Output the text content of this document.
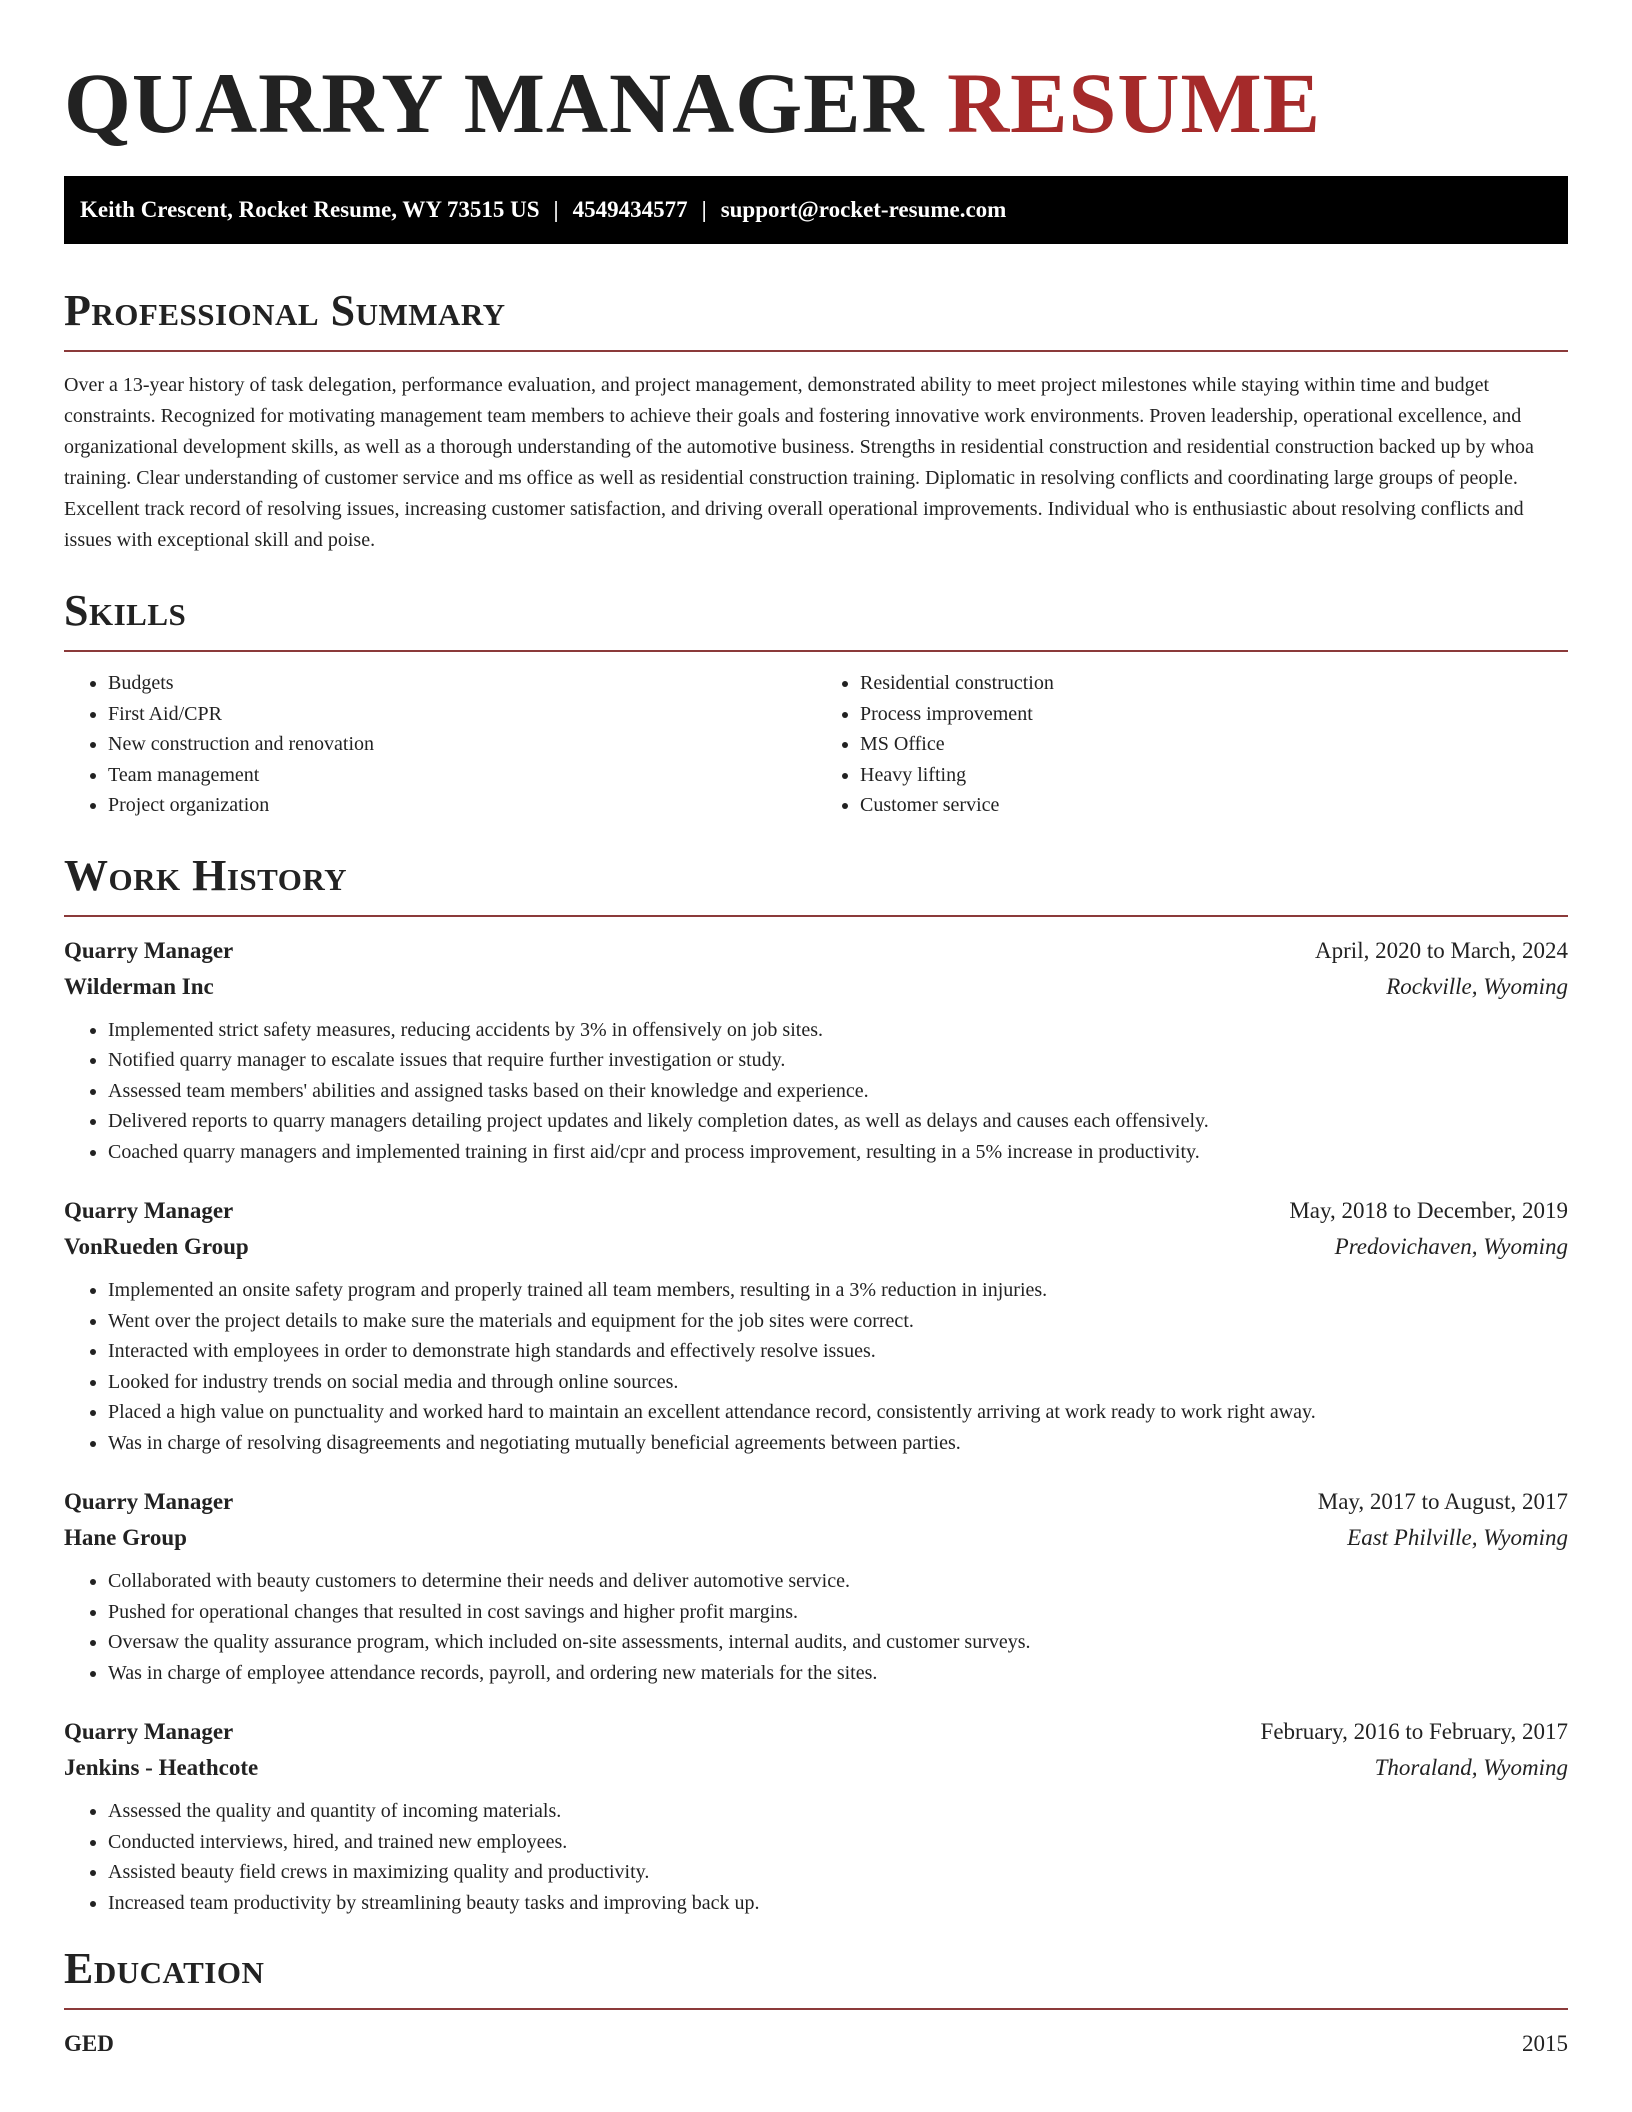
QUARRY MANAGER RESUME
Keith Crescent, Rocket Resume, WY 73515 US | 4549434577 | support@rocket-resume.com
Professional Summary

Over a 13-year history of task delegation, performance evaluation, and project management, demonstrated ability to meet project milestones while staying within time and budget constraints. Recognized for motivating management team members to achieve their goals and fostering innovative work environments. Proven leadership, operational excellence, and organizational development skills, as well as a thorough understanding of the automotive business. Strengths in residential construction and residential construction backed up by whoa training. Clear understanding of customer service and ms office as well as residential construction training. Diplomatic in resolving conflicts and coordinating large groups of people. Excellent track record of resolving issues, increasing customer satisfaction, and driving overall operational improvements. Individual who is enthusiastic about resolving conflicts and issues with exceptional skill and poise.

Skills
• Budgets
• First Aid/CPR
• New construction and renovation
• Team management
• Project organization
• Residential construction
• Process improvement
• MS Office
• Heavy lifting
• Customer service
Work History
Quarry Manager	April, 2020 to March, 2024
Wilderman Inc	Rockville, Wyoming
• Implemented strict safety measures, reducing accidents by 3% in offensively on job sites.
• Notified quarry manager to escalate issues that require further investigation or study.
• Assessed team members' abilities and assigned tasks based on their knowledge and experience.
• Delivered reports to quarry managers detailing project updates and likely completion dates, as well as delays and causes each offensively.
• Coached quarry managers and implemented training in first aid/cpr and process improvement, resulting in a 5% increase in productivity.
Quarry Manager	May, 2018 to December, 2019
VonRueden Group	Predovichaven, Wyoming
• Implemented an onsite safety program and properly trained all team members, resulting in a 3% reduction in injuries.
• Went over the project details to make sure the materials and equipment for the job sites were correct.
• Interacted with employees in order to demonstrate high standards and effectively resolve issues.
• Looked for industry trends on social media and through online sources.
• Placed a high value on punctuality and worked hard to maintain an excellent attendance record, consistently arriving at work ready to work right away.
• Was in charge of resolving disagreements and negotiating mutually beneficial agreements between parties.
Quarry Manager	May, 2017 to August, 2017
Hane Group	East Philville, Wyoming
• Collaborated with beauty customers to determine their needs and deliver automotive service.
• Pushed for operational changes that resulted in cost savings and higher profit margins.
• Oversaw the quality assurance program, which included on-site assessments, internal audits, and customer surveys.
• Was in charge of employee attendance records, payroll, and ordering new materials for the sites.
Quarry Manager	February, 2016 to February, 2017
Jenkins - Heathcote	Thoraland, Wyoming
• Assessed the quality and quantity of incoming materials.
• Conducted interviews, hired, and trained new employees.
• Assisted beauty field crews in maximizing quality and productivity.
• Increased team productivity by streamlining beauty tasks and improving back up.
Education
GED	2015
